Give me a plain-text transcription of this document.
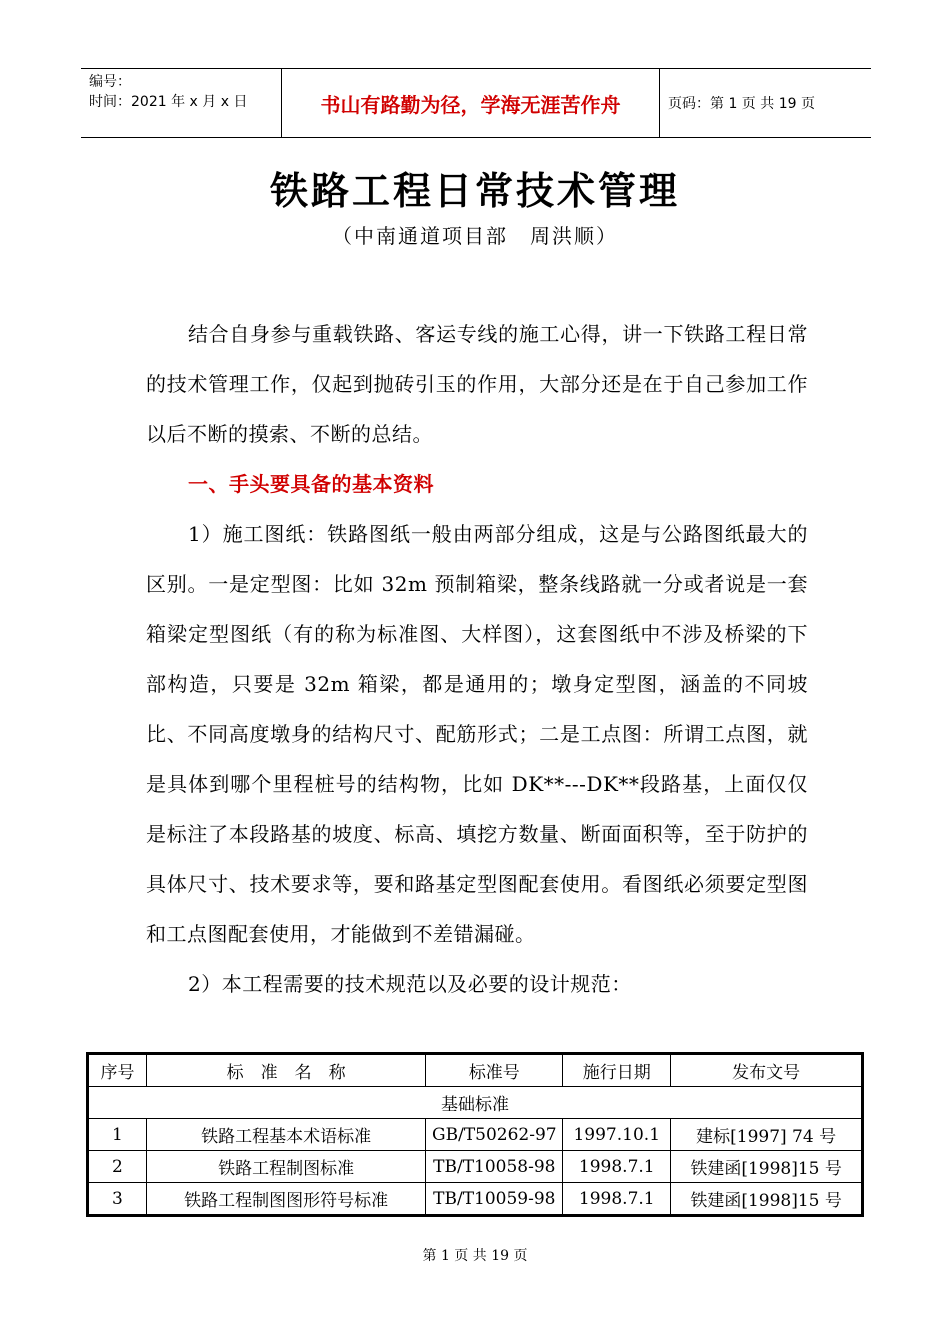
编号：
时间：2021 年 x 月 x 日	书山有路勤为径，学海无涯苦作舟	页码：第 1 页 共 19 页
铁路工程日常技术管理
（中南通道项目部　周洪顺）

结合自身参与重载铁路、客运专线的施工心得，讲一下铁路工程日常的技术管理工作，仅起到抛砖引玉的作用，大部分还是在于自己参加工作以后不断的摸索、不断的总结。

一、手头要具备的基本资料

1）施工图纸：铁路图纸一般由两部分组成，这是与公路图纸最大的区别。一是定型图：比如 32m 预制箱梁，整条线路就一分或者说是一套箱梁定型图纸（有的称为标准图、大样图），这套图纸中不涉及桥梁的下部构造，只要是 32m 箱梁，都是通用的；墩身定型图，涵盖的不同坡比、不同高度墩身的结构尺寸、配筋形式；二是工点图：所谓工点图，就是具体到哪个里程桩号的结构物，比如 DK**---DK**段路基，上面仅仅是标注了本段路基的坡度、标高、填挖方数量、断面面积等，至于防护的具体尺寸、技术要求等，要和路基定型图配套使用。看图纸必须要定型图和工点图配套使用，才能做到不差错漏碰。

2）本工程需要的技术规范以及必要的设计规范：

序号	标　准　名　称	标准号	施行日期	发布文号
基础标准				
1	铁路工程基本术语标准	GB/T50262-97	1997.10.1	建标[1997] 74 号
2	铁路工程制图标准	TB/T10058-98	1998.7.1	铁建函[1998]15 号
3	铁路工程制图图形符号标准	TB/T10059-98	1998.7.1	铁建函[1998]15 号
第 1 页 共 19 页
